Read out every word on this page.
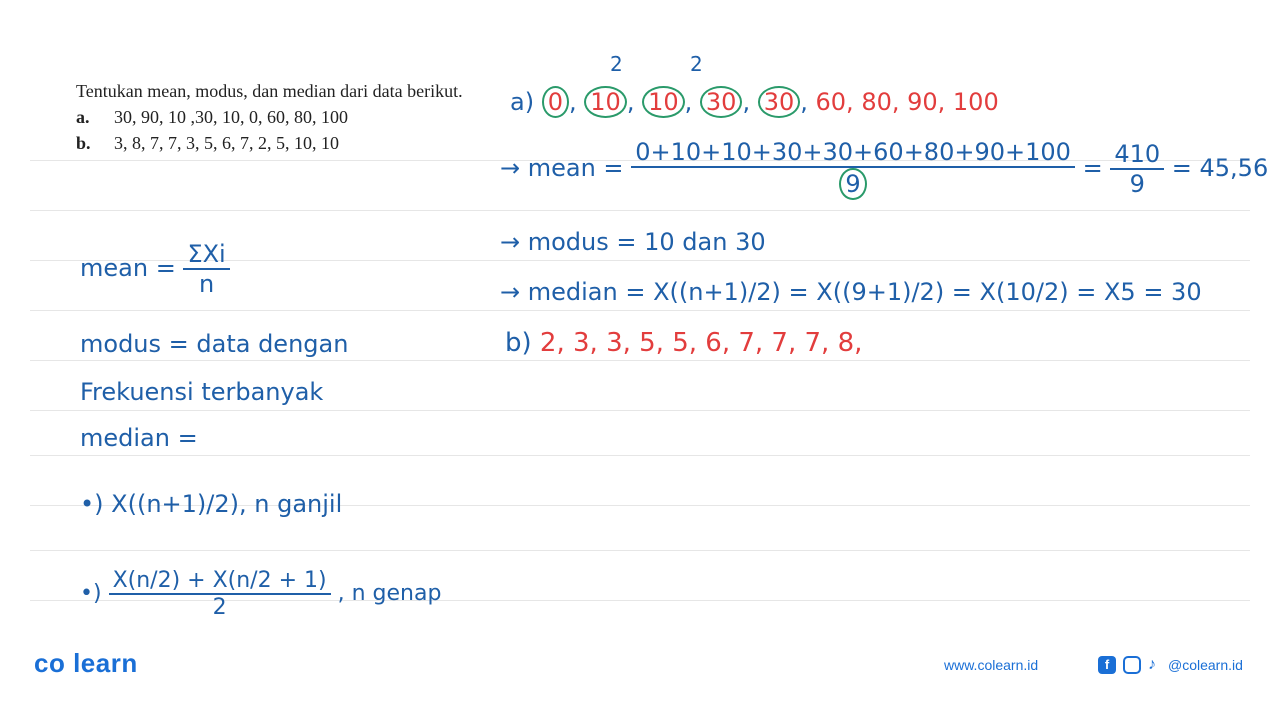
Tentukan mean, modus, dan median dari data berikut.
a.	30, 90, 10 ,30, 10, 0, 60, 80, 100
b.	3, 8, 7, 7, 3, 5, 6, 7, 2, 5, 10, 10
mean = $\frac{\text{ΣXi}}{n}$
modus = data dengan
Frekuensi terbanyak
median =
•) X((n+1)/2), n ganjil
•) $\frac{X(n/2) + X(n/2 + 1)}{2}$ , n genap
2	2
a) 0 , 10 , 10 , 30 , 30 , 60, 80, 90, 100
→ mean = $\frac{0+10+10+30+30+60+80+90+100}{9} = \frac{410}{9} = 45,56$
→ modus = 10 dan 30
→ median = X((n+1)/2) = X((9+1)/2) = X(10/2) = X5 = 30
b) 2, 3, 3, 5, 5, 6, 7, 7, 7, 8,
co learn	www.colearn.id	f	♪ @colearn.id
